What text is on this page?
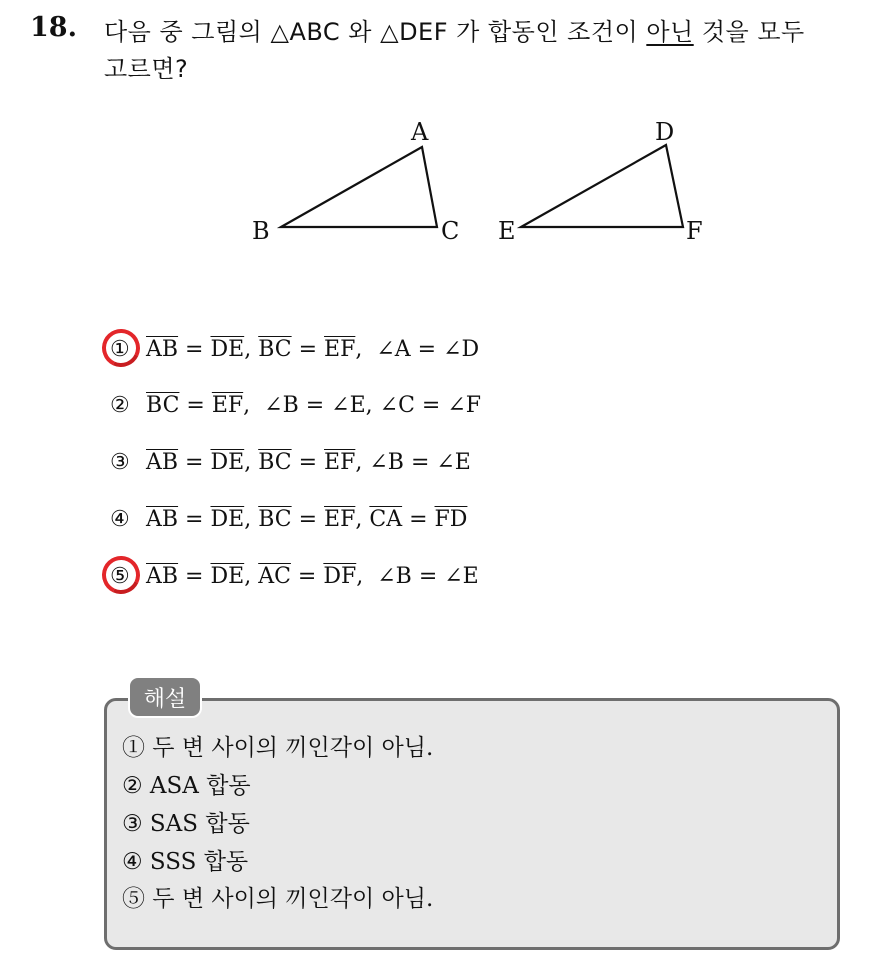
18. 다음 중 그림의 △ABC 와 △DEF 가 합동인 조건이 아닌 것을 모두
고르면?
A
B	C
D
E	F
① $\overline{AB} = \overline{DE}$ , $\overline{BC} = \overline{EF}$ ,  ∠A = ∠D
② $\overline{BC} = \overline{EF}$ ,  ∠B = ∠E, ∠C = ∠F
③ $\overline{AB} = \overline{DE}$ , $\overline{BC} = \overline{EF}$ , ∠B = ∠E
④ $\overline{AB} = \overline{DE}$ , $\overline{BC} = \overline{EF}$ , $\overline{CA} = \overline{FD}$
⑤ $\overline{AB} = \overline{DE}$ , $\overline{AC} = \overline{DF}$ ,  ∠B = ∠E
해설
① 두 변 사이의 끼인각이 아님.
② ASA 합동
③ SAS 합동
④ SSS 합동
⑤ 두 변 사이의 끼인각이 아님.
